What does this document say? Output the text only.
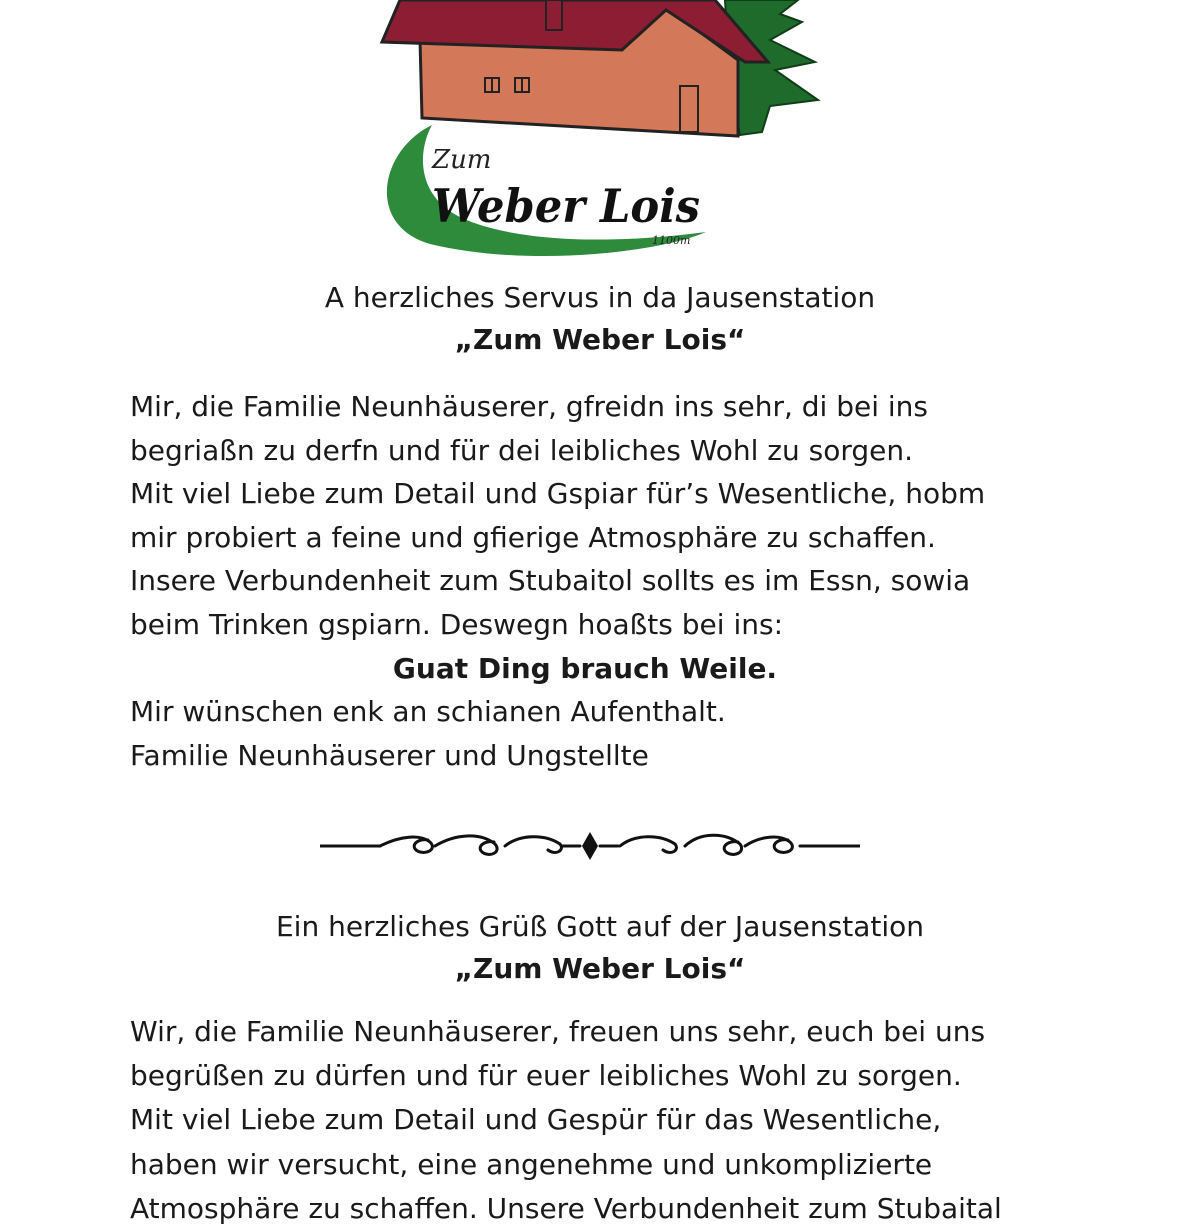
Zum
Weber Lois
1100m
A herzliches Servus in da Jausenstation
„Zum Weber Lois“
Mir, die Familie Neunhäuserer, gfreidn ins sehr, di bei ins
begriaßn zu derfn und für dei leibliches Wohl zu sorgen.
Mit viel Liebe zum Detail und Gspiar für’s Wesentliche, hobm
mir probiert a feine und gfierige Atmosphäre zu schaffen.
Insere Verbundenheit zum Stubaitol sollts es im Essn, sowia
beim Trinken gspiarn. Deswegn hoaßts bei ins:
Guat Ding brauch Weile.
Mir wünschen enk an schianen Aufenthalt.
Familie Neunhäuserer und Ungstellte
Ein herzliches Grüß Gott auf der Jausenstation
„Zum Weber Lois“
Wir, die Familie Neunhäuserer, freuen uns sehr, euch bei uns
begrüßen zu dürfen und für euer leibliches Wohl zu sorgen.
Mit viel Liebe zum Detail und Gespür für das Wesentliche,
haben wir versucht, eine angenehme und unkomplizierte
Atmosphäre zu schaffen. Unsere Verbundenheit zum Stubaital
